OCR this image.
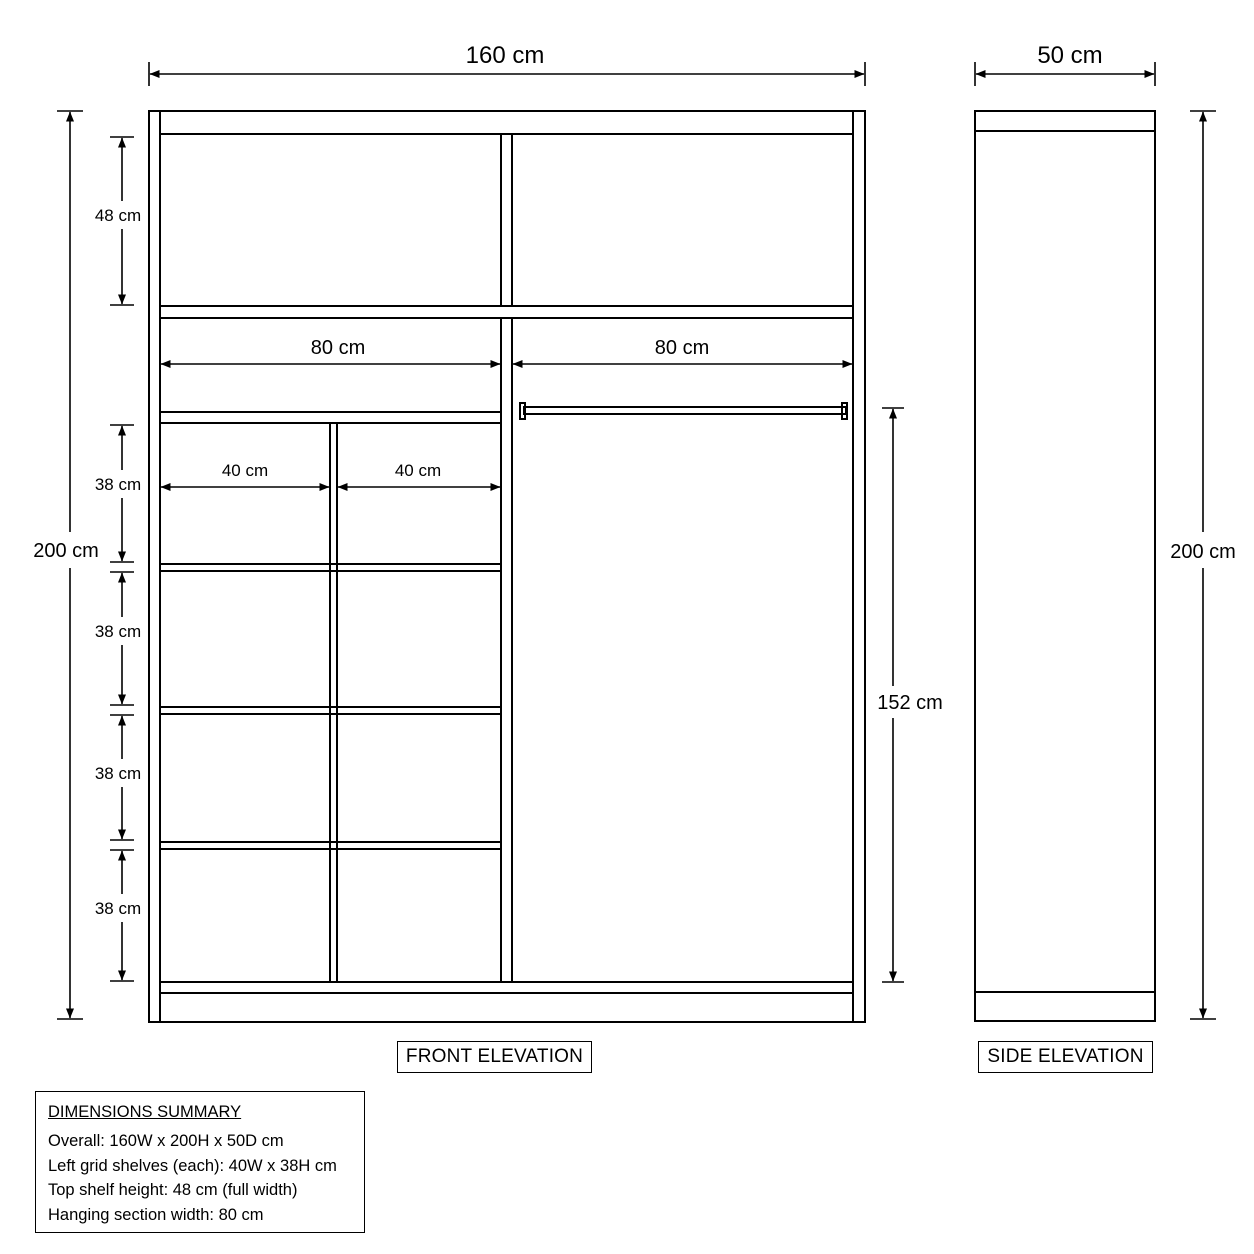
160 cm	50 cm
200 cm	200 cm
48 cm
80 cm	80 cm
40 cm	40 cm
38 cm
38 cm
38 cm
38 cm
152 cm
FRONT ELEVATION	SIDE ELEVATION
DIMENSIONS SUMMARY
Overall: 160W x 200H x 50D cm
Left grid shelves (each): 40W x 38H cm
Top shelf height: 48 cm (full width)
Hanging section width: 80 cm
